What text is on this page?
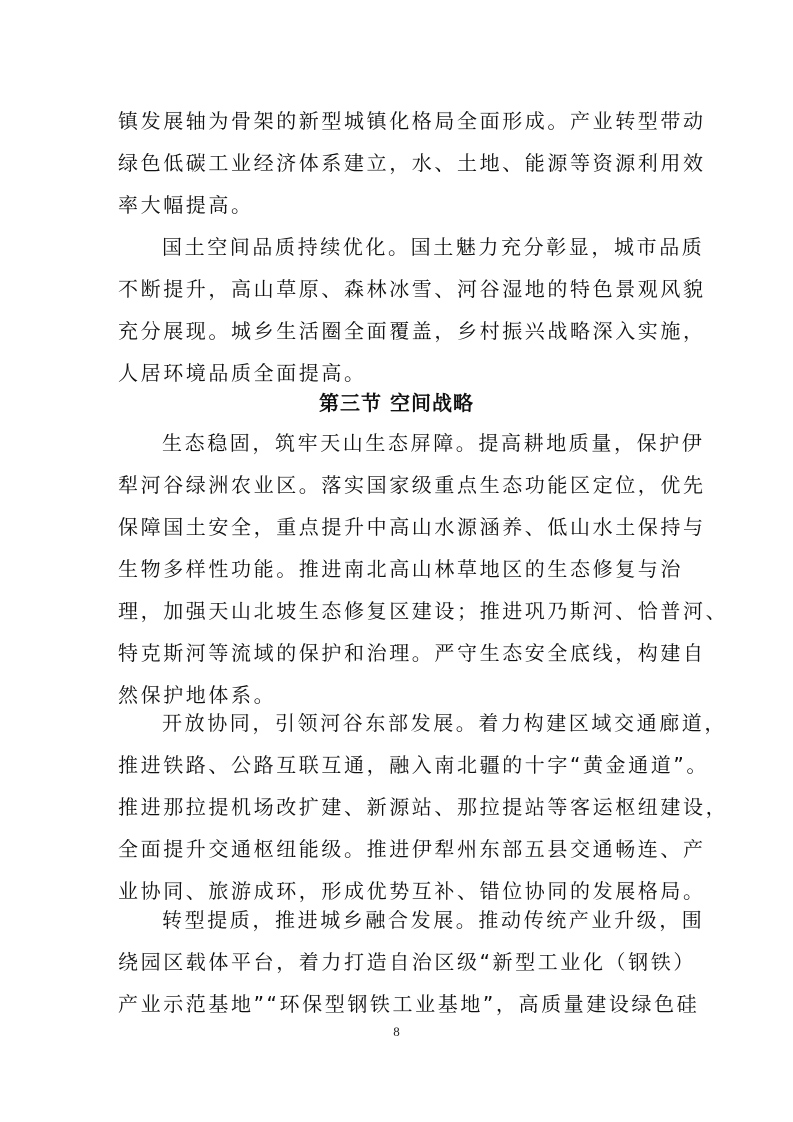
镇发展轴为骨架的新型城镇化格局全面形成。产业转型带动
绿色低碳工业经济体系建立，水、土地、能源等资源利用效
率大幅提高。
国土空间品质持续优化。国土魅力充分彰显，城市品质
不断提升，高山草原、森林冰雪、河谷湿地的特色景观风貌
充分展现。城乡生活圈全面覆盖，乡村振兴战略深入实施，
人居环境品质全面提高。
第三节 空间战略
生态稳固，筑牢天山生态屏障。提高耕地质量，保护伊
犁河谷绿洲农业区。落实国家级重点生态功能区定位，优先
保障国土安全，重点提升中高山水源涵养、低山水土保持与
生物多样性功能。推进南北高山林草地区的生态修复与治
理，加强天山北坡生态修复区建设；推进巩乃斯河、恰普河、
特克斯河等流域的保护和治理。严守生态安全底线，构建自
然保护地体系。
开放协同，引领河谷东部发展。着力构建区域交通廊道，
推进铁路、公路互联互通，融入南北疆的十字“黄金通道”。
推进那拉提机场改扩建、新源站、那拉提站等客运枢纽建设，
全面提升交通枢纽能级。推进伊犁州东部五县交通畅连、产
业协同、旅游成环，形成优势互补、错位协同的发展格局。
转型提质，推进城乡融合发展。推动传统产业升级，围
绕园区载体平台，着力打造自治区级“新型工业化（钢铁）
产业示范基地”“环保型钢铁工业基地”，高质量建设绿色硅
8
